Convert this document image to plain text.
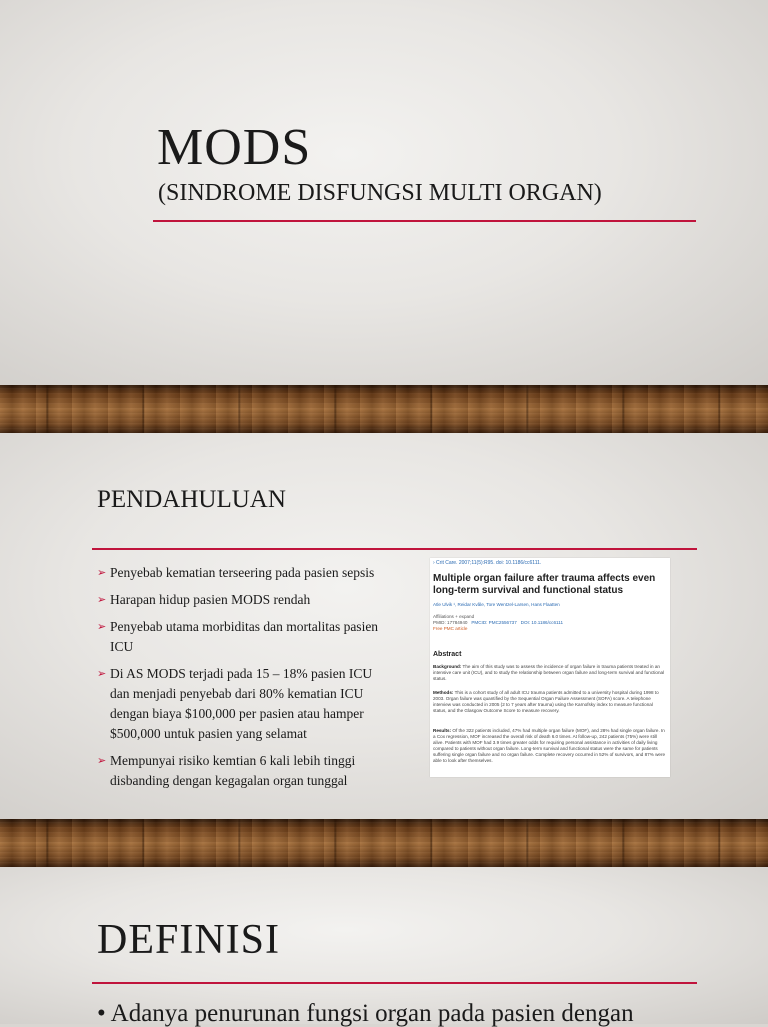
MODS
(SINDROME DISFUNGSI MULTI ORGAN)
PENDAHULUAN
➢ Penyebab kematian terseering pada pasien sepsis
➢ Harapan hidup pasien MODS rendah
➢ Penyebab utama morbiditas dan mortalitas pasien ICU
➢ Di AS MODS terjadi pada 15 – 18% pasien ICU dan menjadi penyebab dari 80% kematian ICU dengan biaya $100,000 per pasien atau hamper $500,000 untuk pasien yang selamat
➢ Mempunyai risiko kemtian 6 kali lebih tinggi disbanding dengan kegagalan organ tunggal
› Crit Care. 2007;11(5):R95. doi: 10.1186/cc6111.
Multiple organ failure after trauma affects even long-term survival and functional status
Atle Ulvik ¹, Reidar Kvåle, Tore Wentzel-Larsen, Hans Flaatten
Affiliations + expand
PMID: 17784940 PMCID: PMC2556737 DOI: 10.1186/cc6111
Free PMC article
Abstract
Background: The aim of this study was to assess the incidence of organ failure in trauma patients treated in an intensive care unit (ICU), and to study the relationship between organ failure and long-term survival and functional status.
Methods: This is a cohort study of all adult ICU trauma patients admitted to a university hospital during 1998 to 2003. Organ failure was quantified by the Sequential Organ Failure Assessment (SOFA) score. A telephone interview was conducted in 2005 (2 to 7 years after trauma) using the Karnofsky index to measure functional status, and the Glasgow Outcome Score to measure recovery.
Results: Of the 322 patients included, 47% had multiple organ failure (MOF), and 28% had single organ failure. In a Cox regression, MOF increased the overall risk of death 6.0 times. At follow-up, 242 patients (75%) were still alive. Patients with MOF had 3.9 times greater odds for requiring personal assistance in activities of daily living compared to patients without organ failure. Long-term survival and functional status were the same for patients suffering single organ failure and no organ failure. Complete recovery occurred in 52% of survivors, and 87% were able to look after themselves.
DEFINISI
• Adanya penurunan fungsi organ pada pasien dengan
